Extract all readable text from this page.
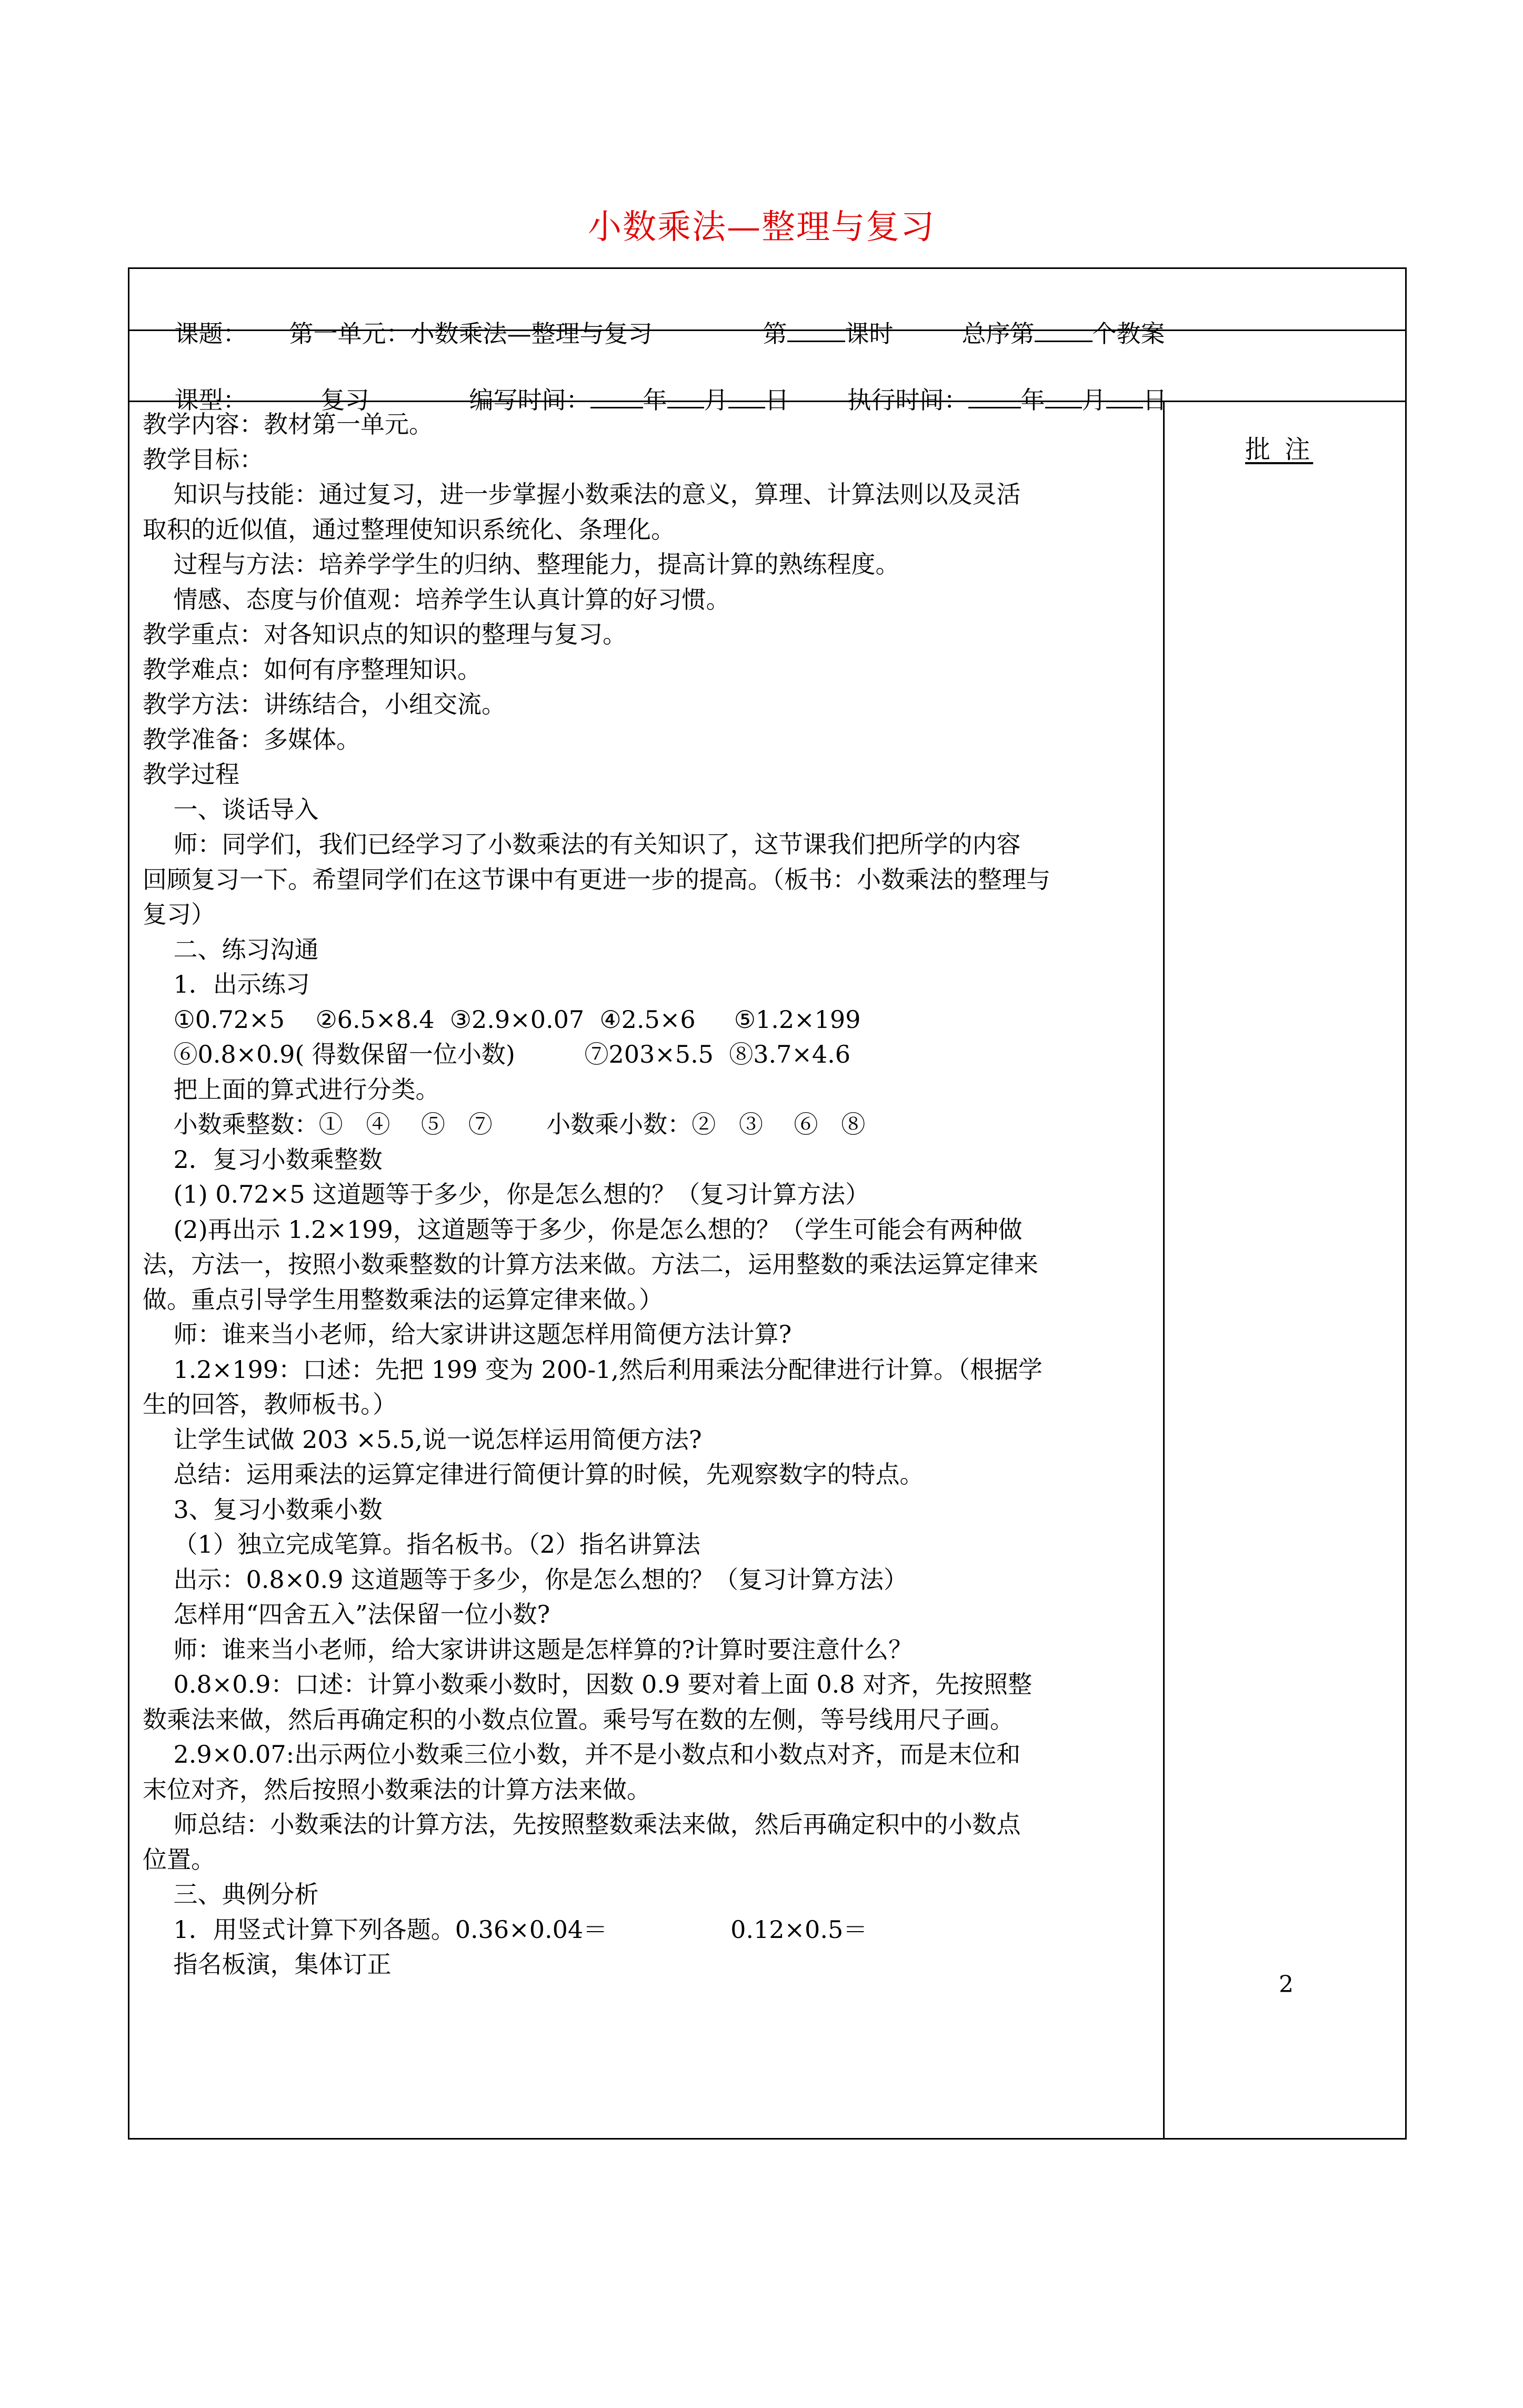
小数乘法—整理与复习

课题： 第一单元：小数乘法—整理与复习	第 课时	总序第 个教案

课型：	复习	编写时间： 年 月 日 执行时间： 年 月 日

教学内容：教材第一单元。

教学目标：

知识与技能：通过复习，进一步掌握小数乘法的意义，算理、计算法则以及灵活

取积的近似值，通过整理使知识系统化、条理化。

过程与方法：培养学学生的归纳、整理能力，提高计算的熟练程度。

情感、态度与价值观：培养学生认真计算的好习惯。

教学重点：对各知识点的知识的整理与复习。

教学难点：如何有序整理知识。

教学方法：讲练结合，小组交流。

教学准备：多媒体。

教学过程

一、谈话导入

师：同学们，我们已经学习了小数乘法的有关知识了，这节课我们把所学的内容

回顾复习一下。希望同学们在这节课中有更进一步的提高。（板书：小数乘法的整理与

复习）

二、练习沟通

1．出示练习

①0.72×5    ②6.5×8.4  ③2.9×0.07  ④2.5×6     ⑤1.2×199

⑥0.8×0.9( 得数保留一位小数)         ⑦203×5.5  ⑧3.7×4.6

把上面的算式进行分类。

小数乘整数：①   ④    ⑤   ⑦       小数乘小数：②   ③    ⑥   ⑧

2．复习小数乘整数

(1) 0.72×5 这道题等于多少，你是怎么想的？（复习计算方法）

(2)再出示 1.2×199，这道题等于多少，你是怎么想的？（学生可能会有两种做

法，方法一，按照小数乘整数的计算方法来做。方法二，运用整数的乘法运算定律来

做。重点引导学生用整数乘法的运算定律来做。）

师：谁来当小老师，给大家讲讲这题怎样用简便方法计算?

1.2×199：口述：先把 199 变为 200-1,然后利用乘法分配律进行计算。（根据学

生的回答，教师板书。）

让学生试做 203 ×5.5,说一说怎样运用简便方法?

总结：运用乘法的运算定律进行简便计算的时候，先观察数字的特点。

3、复习小数乘小数

（1）独立完成笔算。指名板书。（2）指名讲算法

出示：0.8×0.9 这道题等于多少，你是怎么想的？（复习计算方法）

怎样用“四舍五入”法保留一位小数?

师：谁来当小老师，给大家讲讲这题是怎样算的?计算时要注意什么？

0.8×0.9：口述：计算小数乘小数时，因数 0.9 要对着上面 0.8 对齐，先按照整

数乘法来做，然后再确定积的小数点位置。乘号写在数的左侧，等号线用尺子画。

2.9×0.07:出示两位小数乘三位小数，并不是小数点和小数点对齐，而是末位和

末位对齐，然后按照小数乘法的计算方法来做。

师总结：小数乘法的计算方法，先按照整数乘法来做，然后再确定积中的小数点

位置。

三、典例分析

1．用竖式计算下列各题。0.36×0.04＝                0.12×0.5＝

指名板演，集体订正

批 注
2
